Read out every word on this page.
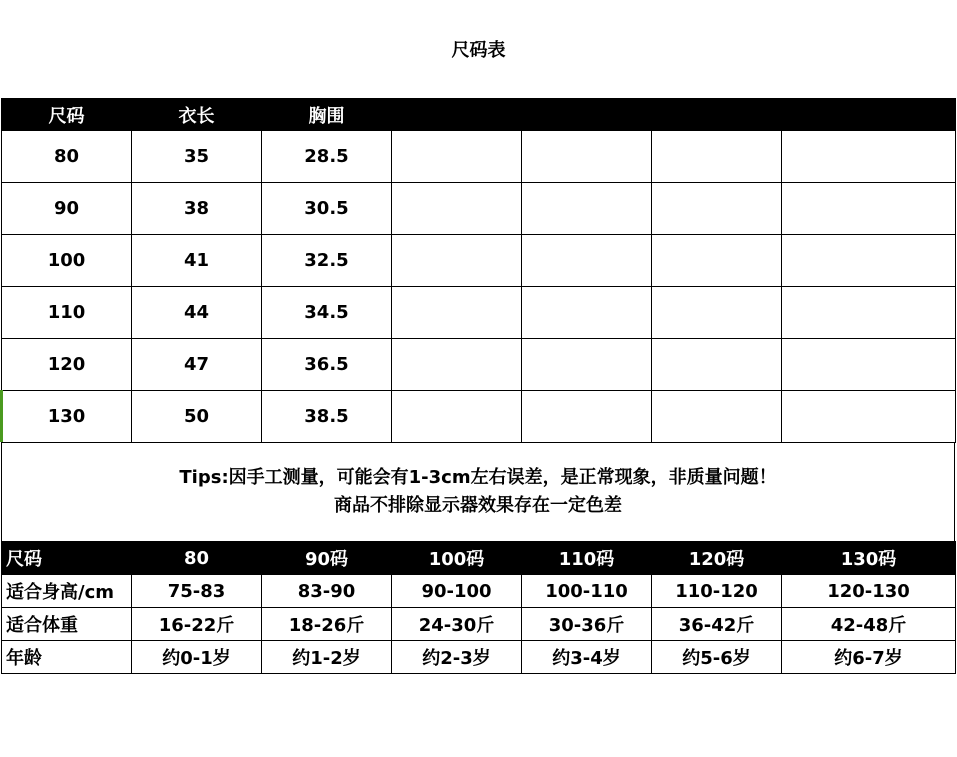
尺码表
尺码	衣长	胸围				
80	35	28.5				
90	38	30.5				
100	41	32.5				
110	44	34.5				
120	47	36.5				
130	50	38.5				
Tips:因手工测量，可能会有1-3cm左右误差，是正常现象，非质量问题！
商品不排除显示器效果存在一定色差
尺码	80	90码	100码	110码	120码	130码
适合身高/cm	75-83	83-90	90-100	100-110	110-120	120-130
适合体重	16-22斤	18-26斤	24-30斤	30-36斤	36-42斤	42-48斤
年龄	约0-1岁	约1-2岁	约2-3岁	约3-4岁	约5-6岁	约6-7岁
